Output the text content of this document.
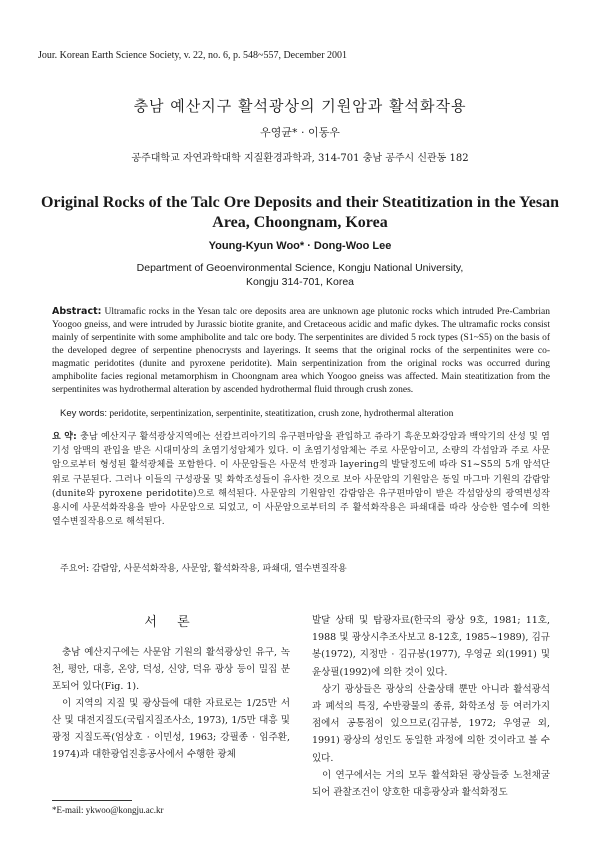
Jour. Korean Earth Science Society, v. 22, no. 6, p. 548~557, December 2001
충남 예산지구 활석광상의 기원암과 활석화작용
우영균* · 이동우
공주대학교 자연과학대학 지질환경과학과, 314-701 충남 공주시 신관동 182
Original Rocks of the Talc Ore Deposits and their Steatitization in the Yesan Area, Choongnam, Korea
Young-Kyun Woo* · Dong-Woo Lee
Department of Geoenvironmental Science, Kongju National University,
Kongju 314-701, Korea
Abstract: Ultramafic rocks in the Yesan talc ore deposits area are unknown age plutonic rocks which intruded Pre-Cambrian Yoogoo gneiss, and were intruded by Jurassic biotite granite, and Cretaceous acidic and mafic dykes. The ultramafic rocks consist mainly of serpentinite with some amphibolite and talc ore body. The serpentinites are divided 5 rock types (S1~S5) on the basis of the developed degree of serpentine phenocrysts and layerings. It seems that the original rocks of the serpentinites were co-magmatic peridotites (dunite and pyroxene peridotite). Main serpentinization from the original rocks was occurred during amphibolite facies regional metamorphism in Choongnam area which Yoogoo gneiss was affected. Main steatitization from the serpentinites was hydrothermal alteration by ascended hydrothermal fluid through crush zones.
Key words: peridotite, serpentinization, serpentinite, steatitization, crush zone, hydrothermal alteration
요 약: 충남 예산지구 활석광상지역에는 선캄브리아기의 유구편마암을 관입하고 쥬라기 흑운모화강암과 백악기의 산성 및 염기성 암맥의 관입을 받은 시대미상의 초염기성암체가 있다. 이 초염기성암체는 주로 사문암이고, 소량의 각섬암과 주로 사문암으로부터 형성된 활석광체를 포함한다. 이 사문암들은 사문석 반정과 layering의 발달정도에 따라 S1~S5의 5개 암석단위로 구분된다. 그러나 이들의 구성광물 및 화학조성들이 유사한 것으로 보아 사문암의 기원암은 동일 마그마 기원의 감람암(dunite와 pyroxene peridotite)으로 해석된다. 사문암의 기원암인 감람암은 유구편마암이 받은 각섬암상의 광역변성작용시에 사문석화작용을 받아 사문암으로 되었고, 이 사문암으로부터의 주 활석화작용은 파쇄대를 따라 상승한 열수에 의한 열수변질작용으로 해석된다.
주요어: 감람암, 사문석화작용, 사문암, 활석화작용, 파쇄대, 열수변질작용
서 론

충남 예산지구에는 사문암 기원의 활석광상인 유구, 녹천, 평안, 대흥, 온양, 덕성, 신양, 덕유 광상 등이 밀집 분포되어 있다(Fig. 1).

이 지역의 지질 및 광상들에 대한 자료로는 1/25만 서산 및 대전지질도(국립지질조사소, 1973), 1/5만 대흥 및 광정 지질도폭(엄상호 · 이민성, 1963; 강필종 · 임주환, 1974)과 대한광업진흥공사에서 수행한 광체

발달 상태 및 탐광자료(한국의 광상 9호, 1981; 11호, 1988 및 광상시추조사보고 8-12호, 1985~1989), 김규봉(1972), 지정만 · 김규봉(1977), 우영균 외(1991) 및 윤상필(1992)에 의한 것이 있다.

상기 광상들은 광상의 산출상태 뿐만 아니라 활석광석과 폐석의 특징, 수반광물의 종류, 화학조성 등 여러가지 점에서 공통점이 있으므로(김규봉, 1972; 우영균 외, 1991) 광상의 성인도 동일한 과정에 의한 것이라고 볼 수 있다.

이 연구에서는 거의 모두 활석화된 광상들중 노천채굴되어 관찰조건이 양호한 대흥광상과 활석화정도

*E-mail: ykwoo@kongju.ac.kr
